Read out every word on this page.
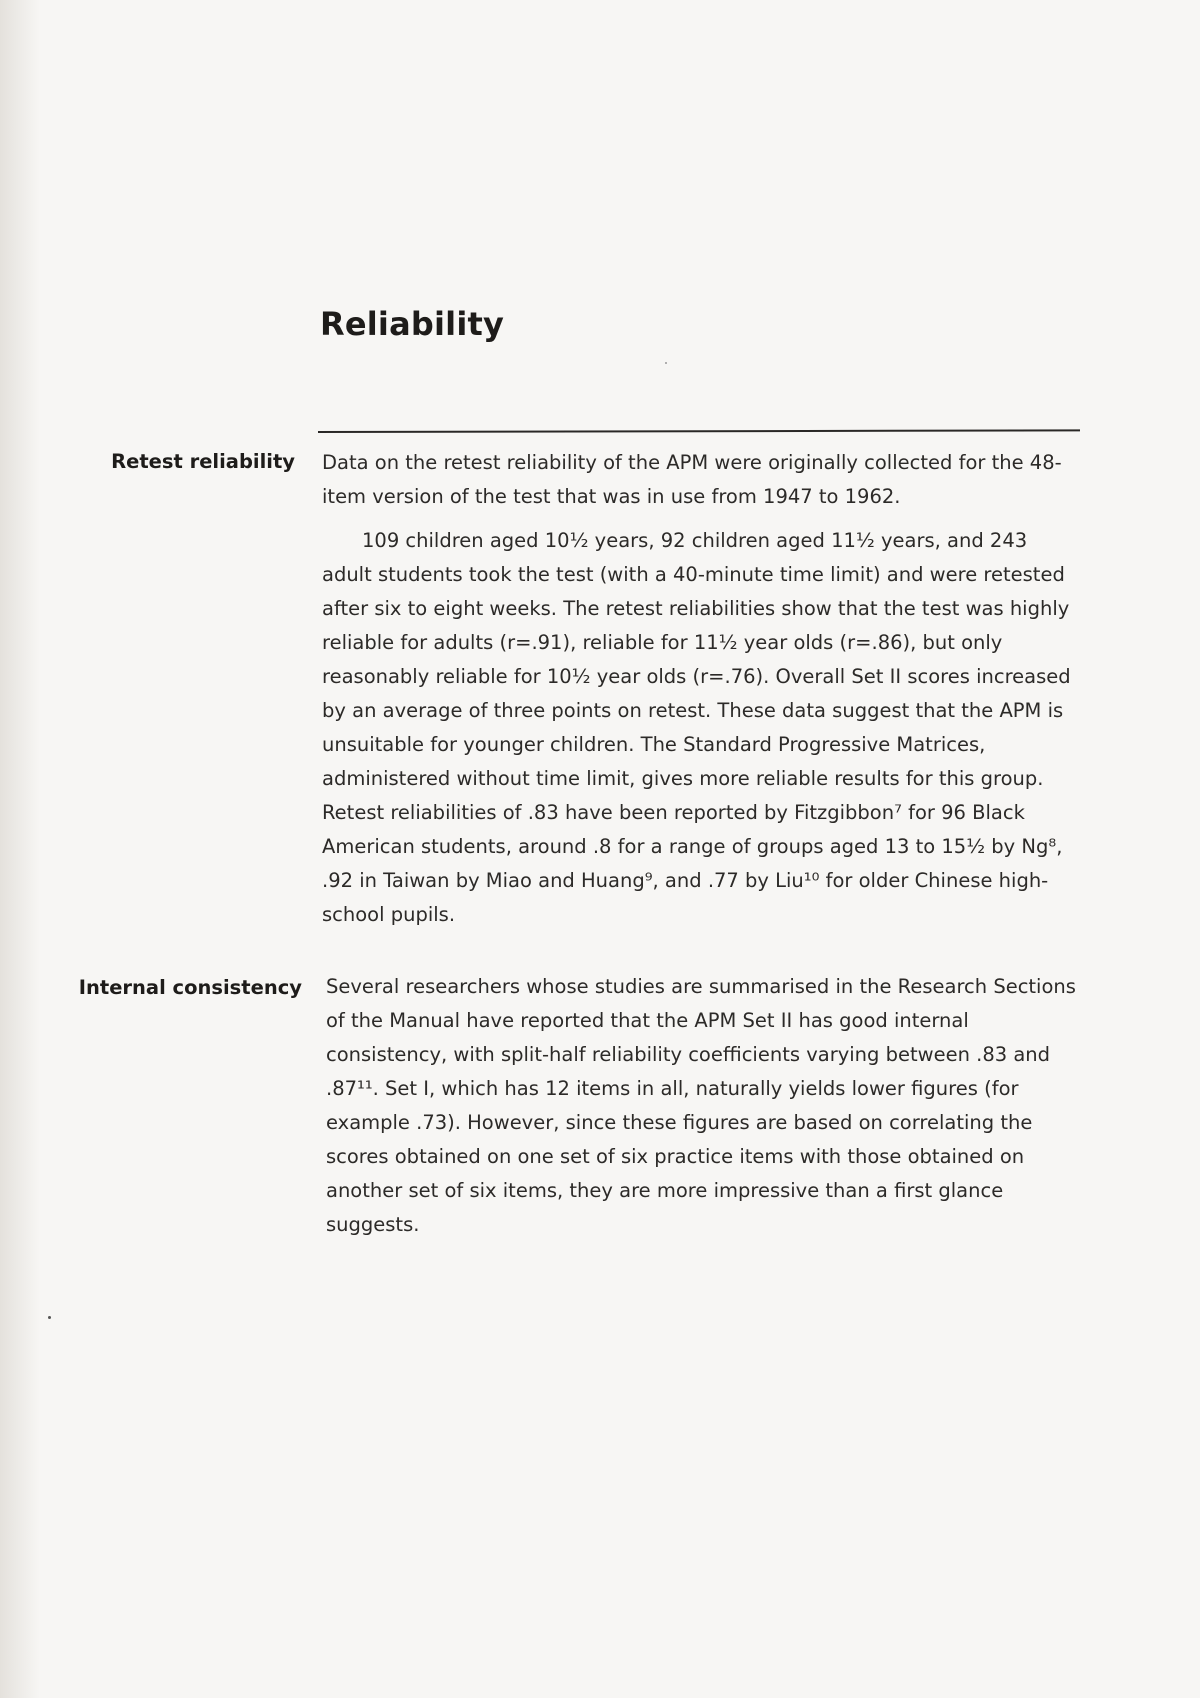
Reliability
Retest reliability Data on the retest reliability of the APM were originally collected for the 48-item version of the test that was in use from 1947 to 1962.

109 children aged 10½ years, 92 children aged 11½ years, and 243 adult students took the test (with a 40-minute time limit) and were retested after six to eight weeks. The retest reliabilities show that the test was highly reliable for adults (r=.91), reliable for 11½ year olds (r=.86), but only reasonably reliable for 10½ year olds (r=.76). Overall Set II scores increased by an average of three points on retest. These data suggest that the APM is unsuitable for younger children. The Standard Progressive Matrices, administered without time limit, gives more reliable results for this group. Retest reliabilities of .83 have been reported by Fitzgibbon⁷ for 96 Black American students, around .8 for a range of groups aged 13 to 15½ by Ng⁸, .92 in Taiwan by Miao and Huang⁹, and .77 by Liu¹⁰ for older Chinese high-school pupils.

Internal consistency Several researchers whose studies are summarised in the Research Sections of the Manual have reported that the APM Set II has good internal consistency, with split-half reliability coefficients varying between .83 and .87¹¹. Set I, which has 12 items in all, naturally yields lower figures (for example .73). However, since these figures are based on correlating the scores obtained on one set of six practice items with those obtained on another set of six items, they are more impressive than a first glance suggests.
